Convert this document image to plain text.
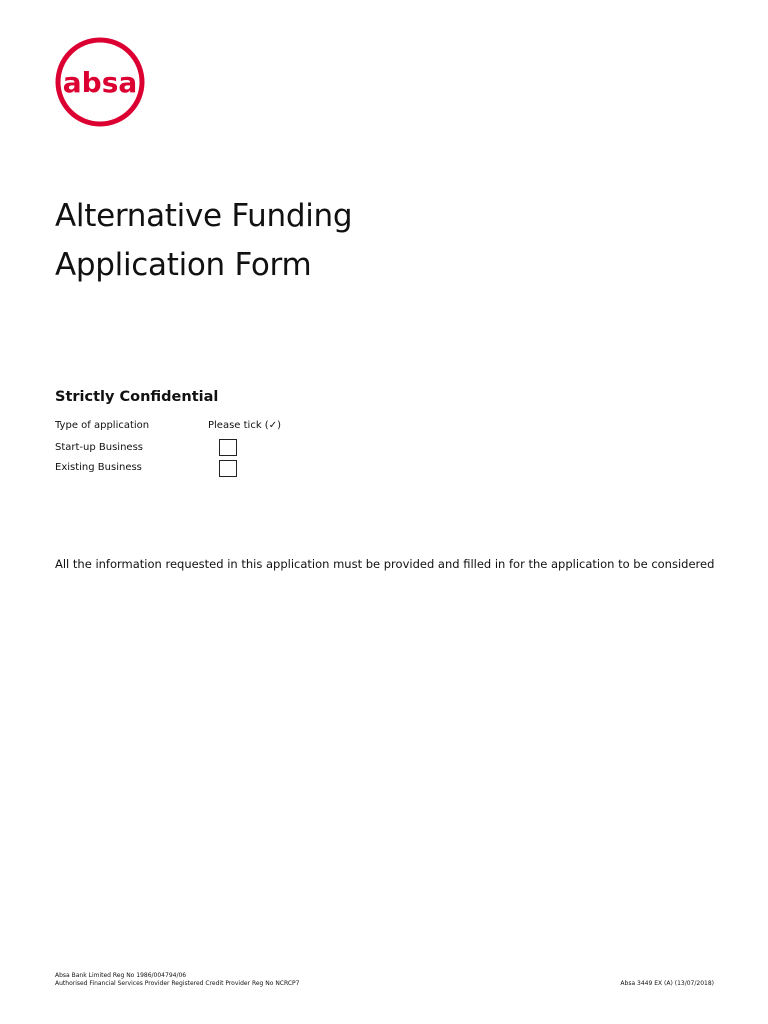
absa
Alternative Funding
Application Form
Strictly Confidential
Type of application	Please tick (✓)
Start-up Business
Existing Business
All the information requested in this application must be provided and filled in for the application to be considered
Absa Bank Limited Reg No 1986/004794/06
Authorised Financial Services Provider Registered Credit Provider Reg No NCRCP7	Absa 3449 EX (A) (13/07/2018)
